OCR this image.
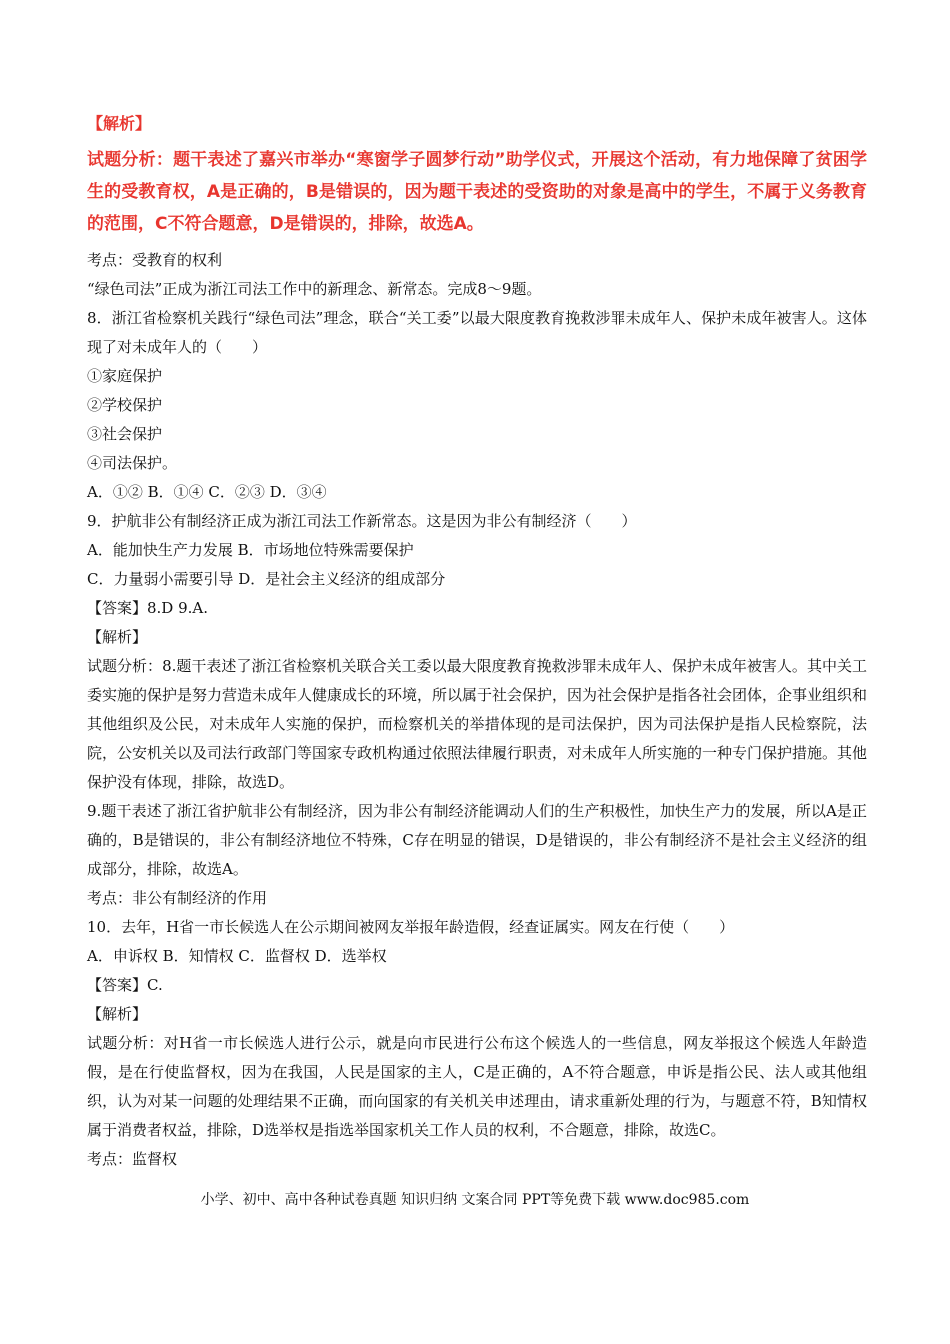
【解析】

试题分析：题干表述了嘉兴市举办“寒窗学子圆梦行动”助学仪式，开展这个活动，有力地保障了贫困学生的受教育权，A是正确的，B是错误的，因为题干表述的受资助的对象是高中的学生，不属于义务教育的范围，C不符合题意，D是错误的，排除，故选A。

考点：受教育的权利

“绿色司法”正成为浙江司法工作中的新理念、新常态。完成8～9题。

8．浙江省检察机关践行“绿色司法”理念，联合“关工委”以最大限度教育挽救涉罪未成年人、保护未成年被害人。这体现了对未成年人的（　　）

①家庭保护

②学校保护

③社会保护

④司法保护。

A．①② B．①④ C．②③ D．③④

9．护航非公有制经济正成为浙江司法工作新常态。这是因为非公有制经济（　　）

A．能加快生产力发展 B．市场地位特殊需要保护

C．力量弱小需要引导 D．是社会主义经济的组成部分

【答案】8.D 9.A.

【解析】

试题分析：8.题干表述了浙江省检察机关联合关工委以最大限度教育挽救涉罪未成年人、保护未成年被害人。其中关工委实施的保护是努力营造未成年人健康成长的环境，所以属于社会保护，因为社会保护是指各社会团体，企事业组织和其他组织及公民，对未成年人实施的保护，而检察机关的举措体现的是司法保护，因为司法保护是指人民检察院，法院，公安机关以及司法行政部门等国家专政机构通过依照法律履行职责，对未成年人所实施的一种专门保护措施。其他保护没有体现，排除，故选D。

9.题干表述了浙江省护航非公有制经济，因为非公有制经济能调动人们的生产积极性，加快生产力的发展，所以A是正确的，B是错误的，非公有制经济地位不特殊，C存在明显的错误，D是错误的，非公有制经济不是社会主义经济的组成部分，排除，故选A。

考点：非公有制经济的作用

10．去年，H省一市长候选人在公示期间被网友举报年龄造假，经查证属实。网友在行使（　　）

A．申诉权 B．知情权 C．监督权 D．选举权

【答案】C.

【解析】

试题分析：对H省一市长候选人进行公示，就是向市民进行公布这个候选人的一些信息，网友举报这个候选人年龄造假，是在行使监督权，因为在我国，人民是国家的主人，C是正确的，A不符合题意，申诉是指公民、法人或其他组织，认为对某一问题的处理结果不正确，而向国家的有关机关申述理由，请求重新处理的行为，与题意不符，B知情权属于消费者权益，排除，D选举权是指选举国家机关工作人员的权利，不合题意，排除，故选C。

考点：监督权

小学、初中、高中各种试卷真题 知识归纳 文案合同 PPT等免费下载 www.doc985.com
